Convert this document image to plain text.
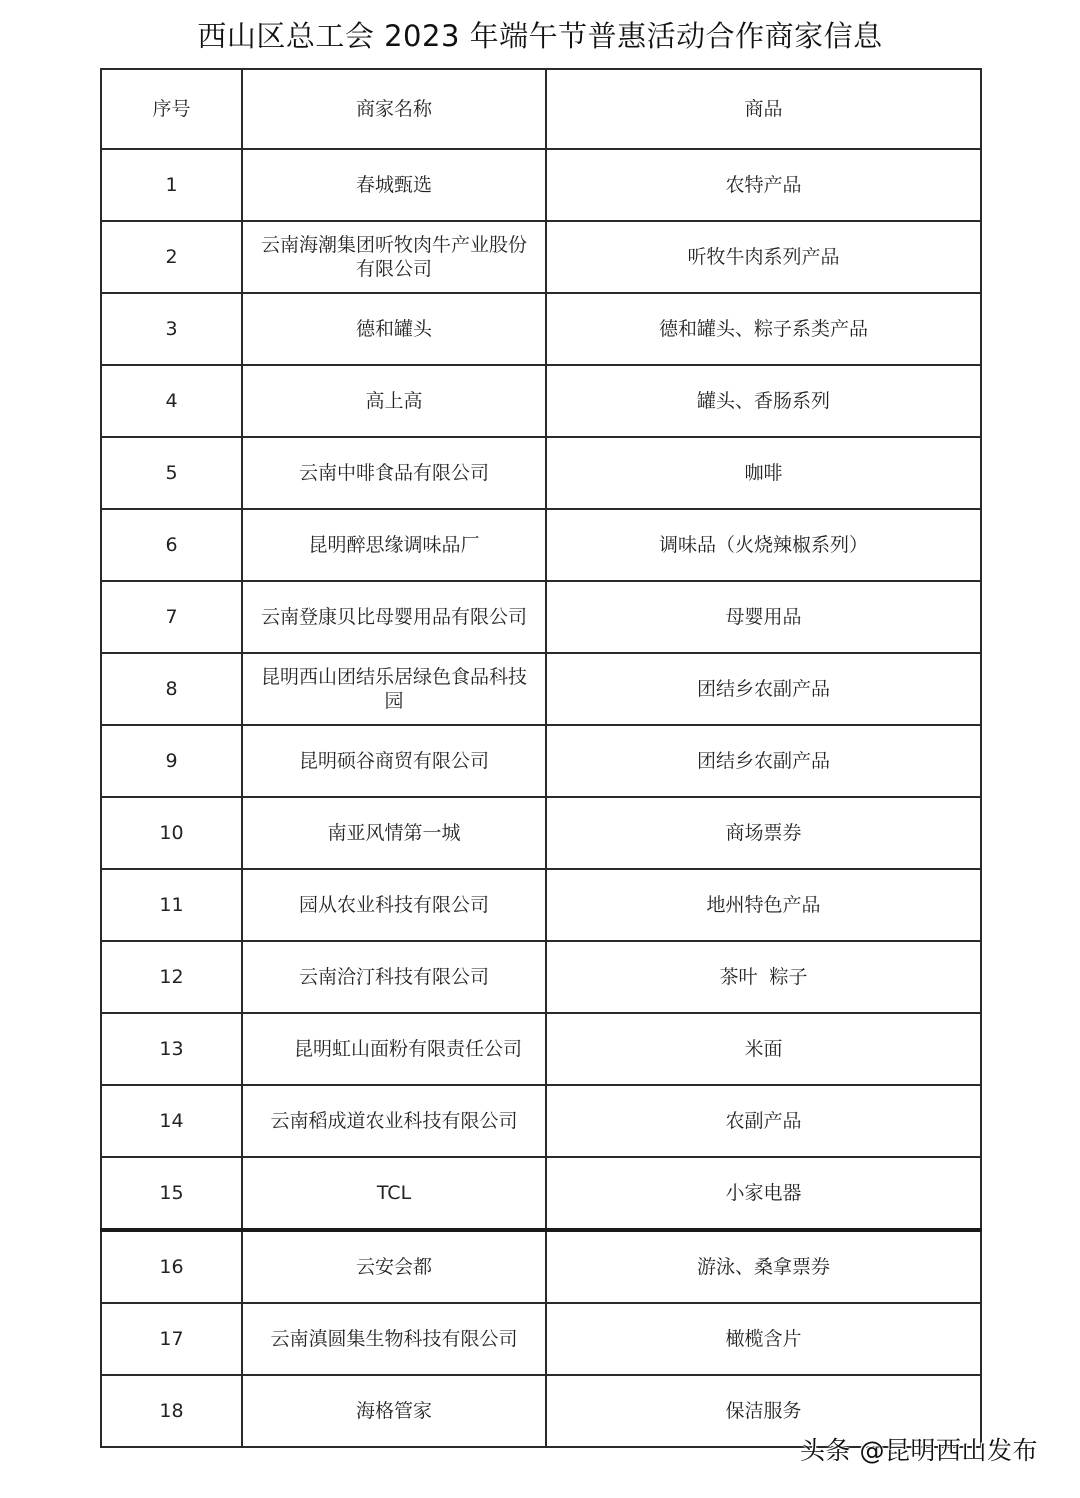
西山区总工会 2023 年端午节普惠活动合作商家信息
序号	商家名称	商品
1	春城甄选	农特产品
2	云南海潮集团听牧肉牛产业股份有限公司	听牧牛肉系列产品
3	德和罐头	德和罐头、粽子系类产品
4	高上高	罐头、香肠系列
5	云南中啡食品有限公司	咖啡
6	昆明醉思缘调味品厂	调味品（火烧辣椒系列）
7	云南登康贝比母婴用品有限公司	母婴用品
8	昆明西山团结乐居绿色食品科技园	团结乡农副产品
9	昆明硕谷商贸有限公司	团结乡农副产品
10	南亚风情第一城	商场票券
11	园从农业科技有限公司	地州特色产品
12	云南洽汀科技有限公司	茶叶  粽子
13	昆明虹山面粉有限责任公司	米面
14	云南稻成道农业科技有限公司	农副产品
15	TCL	小家电器
16	云安会都	游泳、桑拿票券
17	云南滇圆集生物科技有限公司	橄榄含片
18	海格管家	保洁服务
头条 @昆明西山发布
